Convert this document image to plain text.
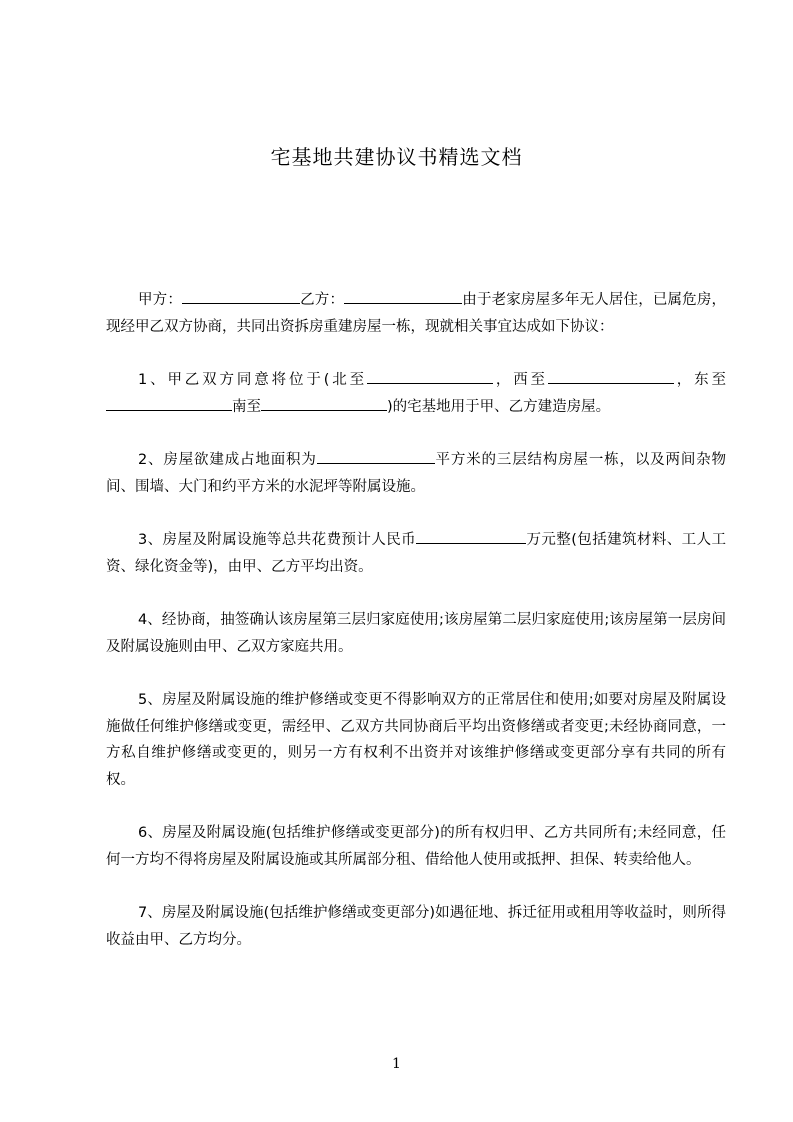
宅基地共建协议书精选文档

甲方：	乙方：	由于老家房屋多年无人居住，已属危房，现经甲乙双方协商，共同出资拆房重建房屋一栋，现就相关事宜达成如下协议：

1、甲乙双方同意将位于(北至	，西至	，东至南至	)的宅基地用于甲、乙方建造房屋。

2、房屋欲建成占地面积为	平方米的三层结构房屋一栋，以及两间杂物间、围墙、大门和约平方米的水泥坪等附属设施。

3、房屋及附属设施等总共花费预计人民币	万元整(包括建筑材料、工人工资、绿化资金等)，由甲、乙方平均出资。

4、经协商，抽签确认该房屋第三层归家庭使用;该房屋第二层归家庭使用;该房屋第一层房间及附属设施则由甲、乙双方家庭共用。

5、房屋及附属设施的维护修缮或变更不得影响双方的正常居住和使用;如要对房屋及附属设施做任何维护修缮或变更，需经甲、乙双方共同协商后平均出资修缮或者变更;未经协商同意，一方私自维护修缮或变更的，则另一方有权利不出资并对该维护修缮或变更部分享有共同的所有权。

6、房屋及附属设施(包括维护修缮或变更部分)的所有权归甲、乙方共同所有;未经同意，任何一方均不得将房屋及附属设施或其所属部分租、借给他人使用或抵押、担保、转卖给他人。

7、房屋及附属设施(包括维护修缮或变更部分)如遇征地、拆迁征用或租用等收益时，则所得收益由甲、乙方均分。

1
